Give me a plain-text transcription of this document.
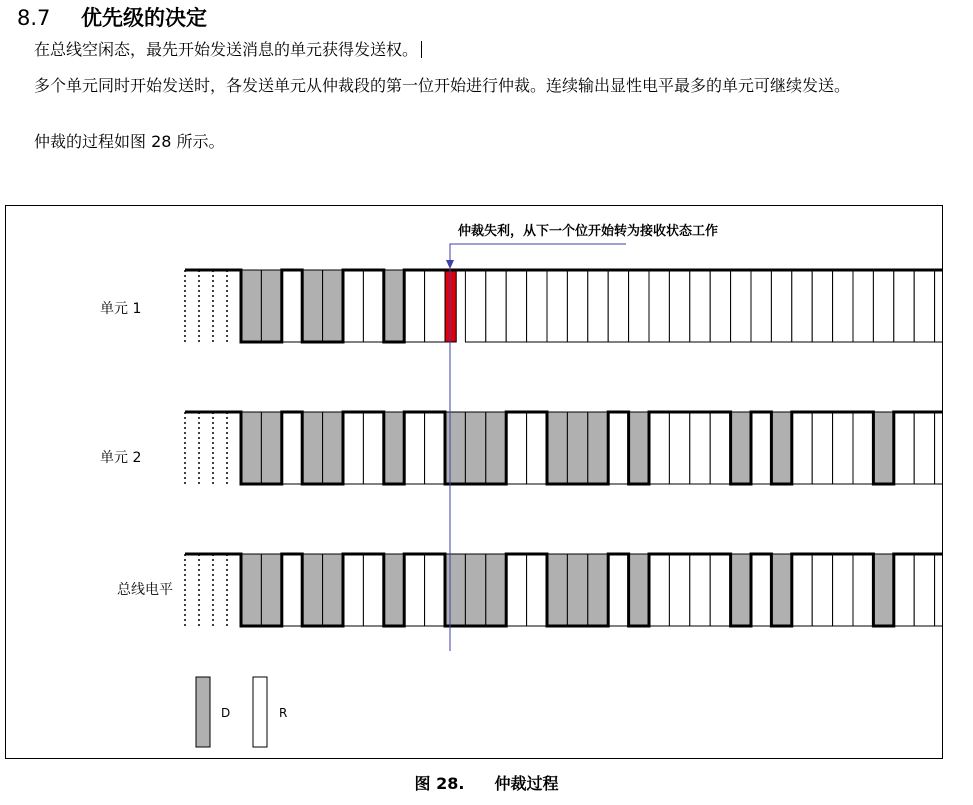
8.7 优先级的决定
在总线空闲态，最先开始发送消息的单元获得发送权。
多个单元同时开始发送时，各发送单元从仲裁段的第一位开始进行仲裁。连续输出显性电平最多的单元可继续发送。
仲裁的过程如图 28 所示。
仲裁失利，从下一个位开始转为接收状态工作
单元 1
单元 2
总线电平
D	R
图 28. 仲裁过程
